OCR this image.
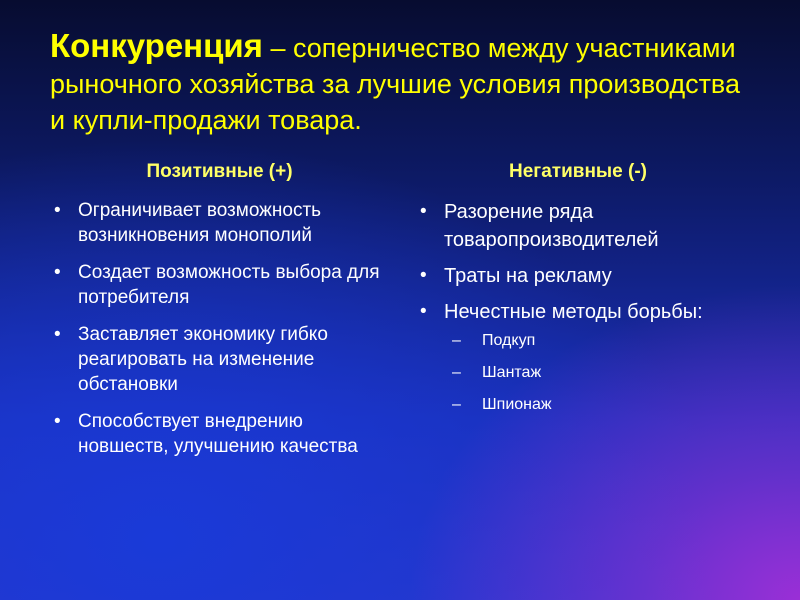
Конкуренция – соперничество между участниками рыночного хозяйства за лучшие условия производства и купли-продажи товара.
Позитивные (+)
• Ограничивает возможность возникновения монополий
• Создает возможность выбора для потребителя
• Заставляет экономику гибко реагировать на изменение обстановки
• Способствует внедрению новшеств, улучшению качества
Негативные (-)
• Разорение ряда товаропроизводителей
• Траты на рекламу
• Нечестные методы борьбы:
– Подкуп
– Шантаж
– Шпионаж
